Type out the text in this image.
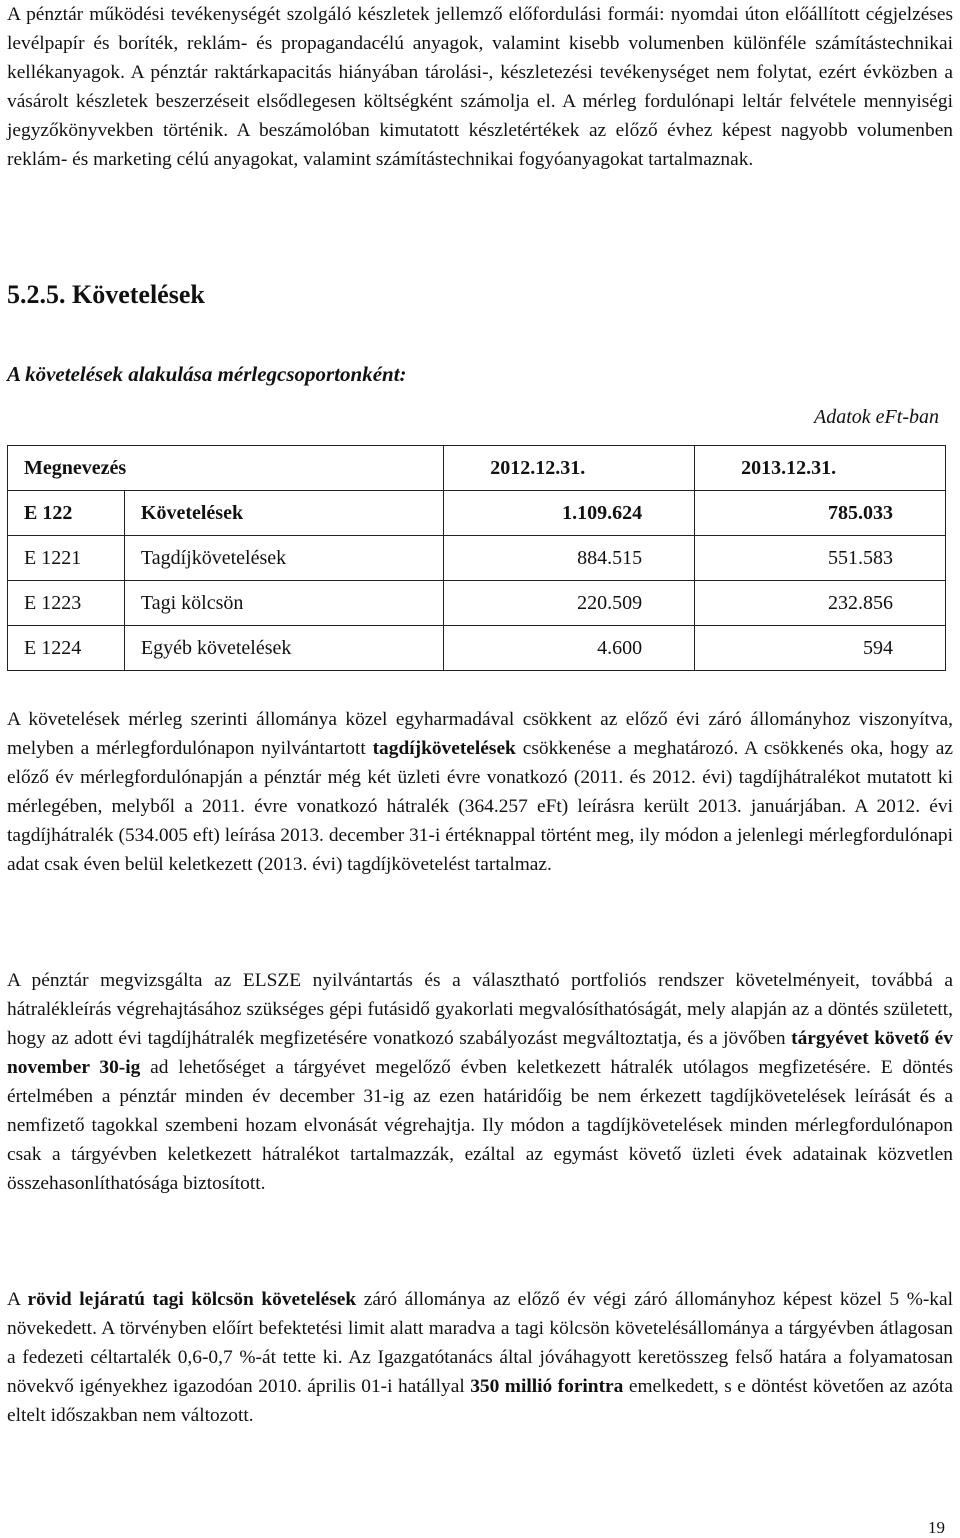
A pénztár működési tevékenységét szolgáló készletek jellemző előfordulási formái: nyomdai úton előállított cégjelzéses levélpapír és boríték, reklám- és propagandacélú anyagok, valamint kisebb volumenben különféle számítástechnikai kellékanyagok. A pénztár raktárkapacitás hiányában tárolási-, készletezési tevékenységet nem folytat, ezért évközben a vásárolt készletek beszerzéseit elsődlegesen költségként számolja el. A mérleg fordulónapi leltár felvétele mennyiségi jegyzőkönyvekben történik. A beszámolóban kimutatott készletértékek az előző évhez képest nagyobb volumenben reklám- és marketing célú anyagokat, valamint számítástechnikai fogyóanyagokat tartalmaznak.

5.2.5. Követelések
A követelések alakulása mérlegcsoportonként:

Adatok eFt-ban

Megnevezés		2012.12.31.	2013.12.31.
E 122	Követelések	1.109.624	785.033
E 1221	Tagdíjkövetelések	884.515	551.583
E 1223	Tagi kölcsön	220.509	232.856
E 1224	Egyéb követelések	4.600	594

A követelések mérleg szerinti állománya közel egyharmadával csökkent az előző évi záró állományhoz viszonyítva, melyben a mérlegfordulónapon nyilvántartott tagdíjkövetelések csökkenése a meghatározó. A csökkenés oka, hogy az előző év mérlegfordulónapján a pénztár még két üzleti évre vonatkozó (2011. és 2012. évi) tagdíjhátralékot mutatott ki mérlegében, melyből a 2011. évre vonatkozó hátralék (364.257 eFt) leírásra került 2013. januárjában. A 2012. évi tagdíjhátralék (534.005 eft) leírása 2013. december 31-i értéknappal történt meg, ily módon a jelenlegi mérlegfordulónapi adat csak éven belül keletkezett (2013. évi) tagdíjkövetelést tartalmaz.

A pénztár megvizsgálta az ELSZE nyilvántartás és a választható portfoliós rendszer követelményeit, továbbá a hátralékleírás végrehajtásához szükséges gépi futásidő gyakorlati megvalósíthatóságát, mely alapján az a döntés született, hogy az adott évi tagdíjhátralék megfizetésére vonatkozó szabályozást megváltoztatja, és a jövőben tárgyévet követő év november 30-ig ad lehetőséget a tárgyévet megelőző évben keletkezett hátralék utólagos megfizetésére. E döntés értelmében a pénztár minden év december 31-ig az ezen határidőig be nem érkezett tagdíjkövetelések leírását és a nemfizető tagokkal szembeni hozam elvonását végrehajtja. Ily módon a tagdíjkövetelések minden mérlegfordulónapon csak a tárgyévben keletkezett hátralékot tartalmazzák, ezáltal az egymást követő üzleti évek adatainak közvetlen összehasonlíthatósága biztosított.

A rövid lejáratú tagi kölcsön követelések záró állománya az előző év végi záró állományhoz képest közel 5 %-kal növekedett. A törvényben előírt befektetési limit alatt maradva a tagi kölcsön követelésállománya a tárgyévben átlagosan a fedezeti céltartalék 0,6-0,7 %-át tette ki. Az Igazgatótanács által jóváhagyott keretösszeg felső határa a folyamatosan növekvő igényekhez igazodóan 2010. április 01-i hatállyal 350 millió forintra emelkedett, s e döntést követően az azóta eltelt időszakban nem változott.

19
